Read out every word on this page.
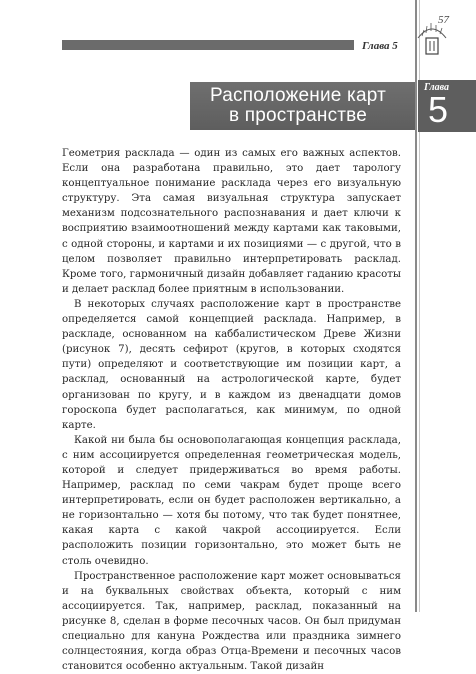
Глава 5
57
Расположение карт
в пространстве
Глава
5

Геометрия расклада — один из самых его важных аспектов. Если она разработана правильно, это дает тарологу концептуальное понимание расклада через его визуальную структуру. Эта самая визуальная структура запускает механизм подсознательного распознавания и дает ключи к восприятию взаимоотношений между картами как таковыми, с одной стороны, и картами и их позициями — с другой, что в целом позволяет правильно интерпретировать расклад. Кроме того, гармоничный дизайн добавляет гаданию красоты и делает расклад более приятным в использовании.

В некоторых случаях расположение карт в пространстве определяется самой концепцией расклада. Например, в раскладе, основанном на каббалистическом Древе Жизни (рисунок 7), десять сефирот (кругов, в которых сходятся пути) определяют и соответствующие им позиции карт, а расклад, основанный на астрологической карте, будет организован по кругу, и в каждом из двенадцати домов гороскопа будет располагаться, как минимум, по одной карте.

Какой ни была бы основополагающая концепция расклада, с ним ассоциируется определенная геометрическая модель, которой и следует придерживаться во время работы. Например, расклад по семи чакрам будет проще всего интерпретировать, если он будет расположен вертикально, а не горизонтально — хотя бы потому, что так будет понятнее, какая карта с какой чакрой ассоциируется. Если расположить позиции горизонтально, это может быть не столь очевидно.

Пространственное расположение карт может основываться и на буквальных свойствах объекта, который с ним ассоциируется. Так, например, расклад, показанный на рисунке 8, сделан в форме песочных часов. Он был придуман специально для кануна Рождества или праздника зимнего солнцестояния, когда образ Отца-Времени и песочных часов становится особенно актуальным. Такой дизайн
